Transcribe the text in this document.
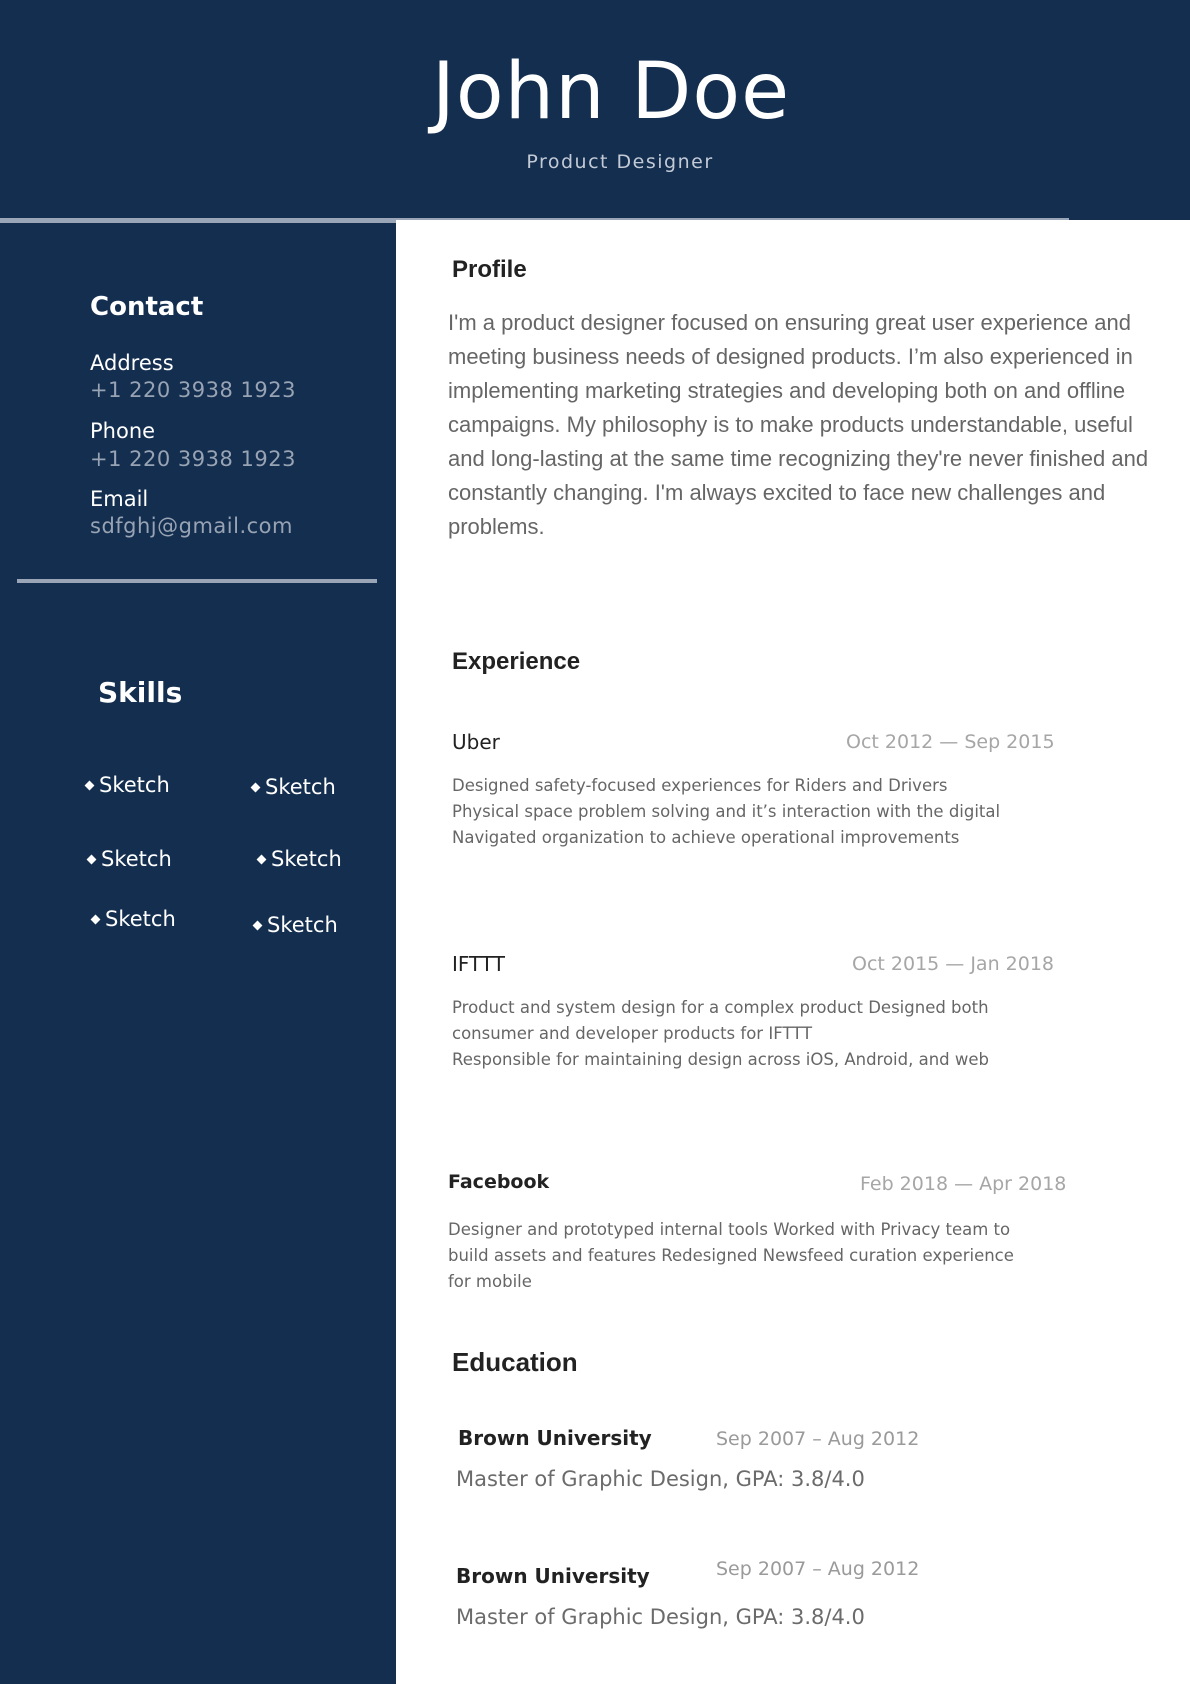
John Doe
Product Designer
Contact
Address
+1 220 3938 1923
Phone
+1 220 3938 1923
Email
sdfghj@gmail.com
Skills
Sketch	Sketch
Sketch	Sketch
Sketch	Sketch
Profile
I'm a product designer focused on ensuring great user experience and meeting business needs of designed products. I’m also experienced in implementing marketing strategies and developing both on and offline campaigns. My philosophy is to make products understandable, useful and long-lasting at the same time recognizing they're never finished and constantly changing. I'm always excited to face new challenges and problems.
Experience
Uber	Oct 2012 — Sep 2015
Designed safety-focused experiences for Riders and Drivers
Physical space problem solving and it’s interaction with the digital
Navigated organization to achieve operational improvements
IFTTT	Oct 2015 — Jan 2018
Product and system design for a complex product Designed both
consumer and developer products for IFTTT
Responsible for maintaining design across iOS, Android, and web
Facebook	Feb 2018 — Apr 2018
Designer and prototyped internal tools Worked with Privacy team to
build assets and features Redesigned Newsfeed curation experience
for mobile
Education
Brown University	Sep 2007 – Aug 2012
Master of Graphic Design, GPA: 3.8/4.0
Brown University	Sep 2007 – Aug 2012
Master of Graphic Design, GPA: 3.8/4.0
